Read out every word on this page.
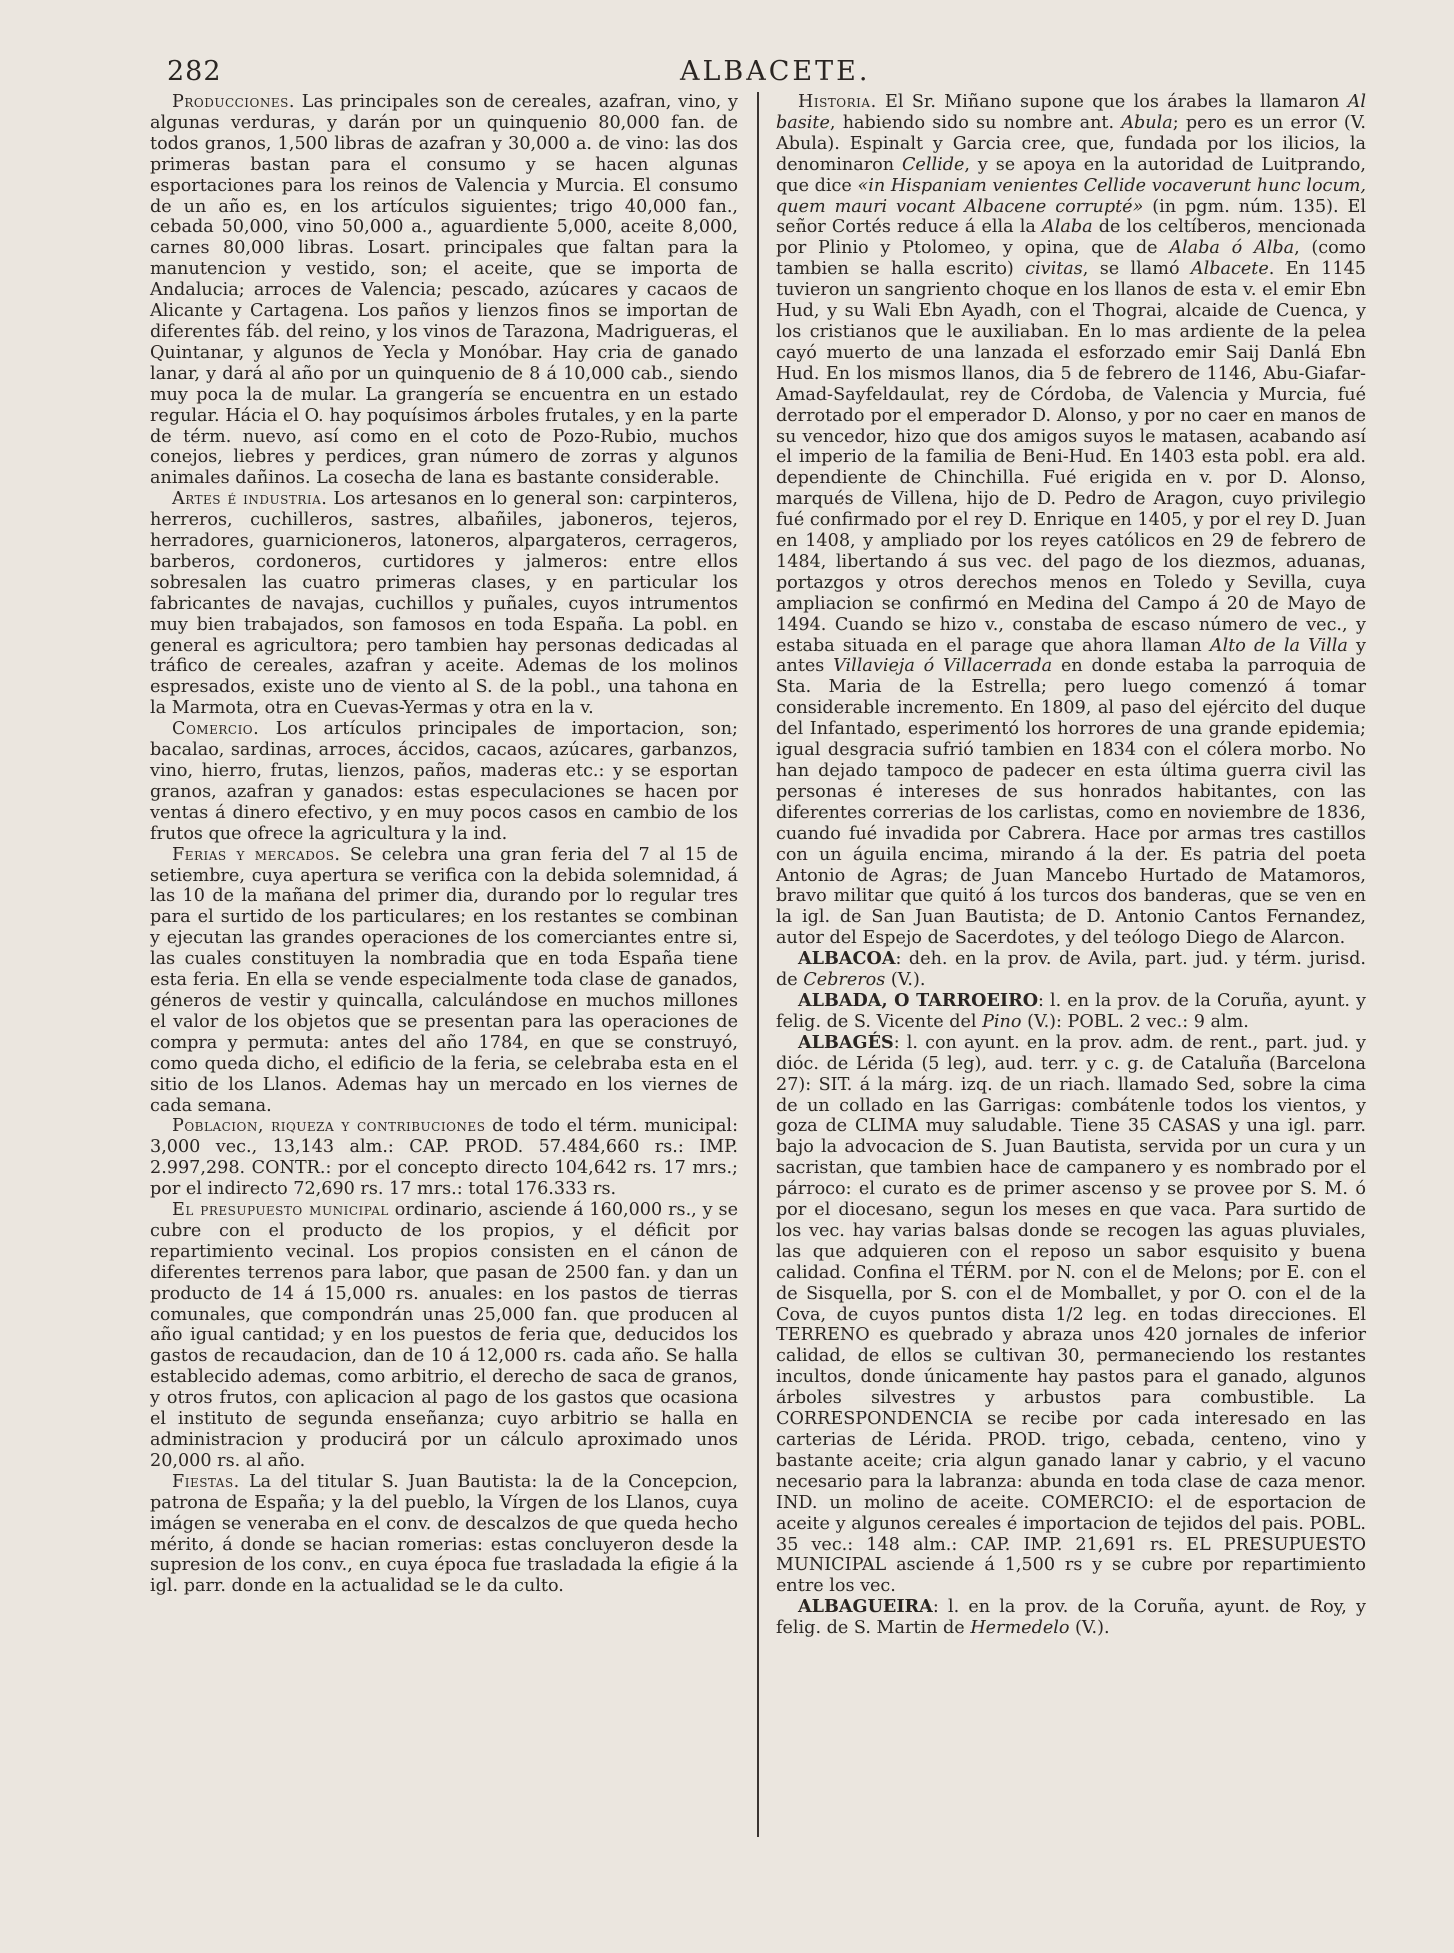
282	ALBACETE.

Producciones. Las principales son de cereales, azafran, vino, y algunas verduras, y darán por un quinquenio 80,000 fan. de todos granos, 1,500 libras de azafran y 30,000 a. de vino: las dos primeras bastan para el consumo y se hacen algunas esportaciones para los reinos de Valencia y Murcia. El consumo de un año es, en los artículos siguientes; trigo 40,000 fan., cebada 50,000, vino 50,000 a., aguardiente 5,000, aceite 8,000, carnes 80,000 libras. Losart. principales que faltan para la manutencion y vestido, son; el aceite, que se importa de Andalucia; arroces de Valencia; pescado, azúcares y cacaos de Alicante y Cartagena. Los paños y lienzos finos se importan de diferentes fáb. del reino, y los vinos de Tarazona, Madrigueras, el Quintanar, y algunos de Yecla y Monóbar. Hay cria de ganado lanar, y dará al año por un quinquenio de 8 á 10,000 cab., siendo muy poca la de mular. La grangería se encuentra en un estado regular. Hácia el O. hay poquísimos árboles frutales, y en la parte de térm. nuevo, así como en el coto de Pozo-Rubio, muchos conejos, liebres y perdices, gran número de zorras y algunos animales dañinos. La cosecha de lana es bastante considerable.

Artes é industria. Los artesanos en lo general son: carpinteros, herreros, cuchilleros, sastres, albañiles, jaboneros, tejeros, herradores, guarnicioneros, latoneros, alpargateros, cerrageros, barberos, cordoneros, curtidores y jalmeros: entre ellos sobresalen las cuatro primeras clases, y en particular los fabricantes de navajas, cuchillos y puñales, cuyos intrumentos muy bien trabajados, son famosos en toda España. La pobl. en general es agricultora; pero tambien hay personas dedicadas al tráfico de cereales, azafran y aceite. Ademas de los molinos espresados, existe uno de viento al S. de la pobl., una tahona en la Marmota, otra en Cuevas-Yermas y otra en la v.

Comercio. Los artículos principales de importacion, son; bacalao, sardinas, arroces, áccidos, cacaos, azúcares, garbanzos, vino, hierro, frutas, lienzos, paños, maderas etc.: y se esportan granos, azafran y ganados: estas especulaciones se hacen por ventas á dinero efectivo, y en muy pocos casos en cambio de los frutos que ofrece la agricultura y la ind.

Ferias y mercados. Se celebra una gran feria del 7 al 15 de setiembre, cuya apertura se verifica con la debida solemnidad, á las 10 de la mañana del primer dia, durando por lo regular tres para el surtido de los particulares; en los restantes se combinan y ejecutan las grandes operaciones de los comerciantes entre si, las cuales constituyen la nombradia que en toda España tiene esta feria. En ella se vende especialmente toda clase de ganados, géneros de vestir y quincalla, calculándose en muchos millones el valor de los objetos que se presentan para las operaciones de compra y permuta: antes del año 1784, en que se construyó, como queda dicho, el edificio de la feria, se celebraba esta en el sitio de los Llanos. Ademas hay un mercado en los viernes de cada semana.

Poblacion, riqueza y contribuciones de todo el térm. municipal: 3,000 vec., 13,143 alm.: CAP. PROD. 57.484,660 rs.: IMP. 2.997,298. CONTR.: por el concepto directo 104,642 rs. 17 mrs.; por el indirecto 72,690 rs. 17 mrs.: total 176.333 rs.

El presupuesto municipal ordinario, asciende á 160,000 rs., y se cubre con el producto de los propios, y el déficit por repartimiento vecinal. Los propios consisten en el cánon de diferentes terrenos para labor, que pasan de 2500 fan. y dan un producto de 14 á 15,000 rs. anuales: en los pastos de tierras comunales, que compondrán unas 25,000 fan. que producen al año igual cantidad; y en los puestos de feria que, deducidos los gastos de recaudacion, dan de 10 á 12,000 rs. cada año. Se halla establecido ademas, como arbitrio, el derecho de saca de granos, y otros frutos, con aplicacion al pago de los gastos que ocasiona el instituto de segunda enseñanza; cuyo arbitrio se halla en administracion y producirá por un cálculo aproximado unos 20,000 rs. al año.

Fiestas. La del titular S. Juan Bautista: la de la Concepcion, patrona de España; y la del pueblo, la Vírgen de los Llanos, cuya imágen se veneraba en el conv. de descalzos de que queda hecho mérito, á donde se hacian romerias: estas concluyeron desde la supresion de los conv., en cuya época fue trasladada la efigie á la igl. parr. donde en la actualidad se le da culto.

Historia. El Sr. Miñano supone que los árabes la llamaron Al basite, habiendo sido su nombre ant. Abula; pero es un error (V. Abula). Espinalt y Garcia cree, que, fundada por los ilicios, la denominaron Cellide, y se apoya en la autoridad de Luitprando, que dice «in Hispaniam venientes Cellide vocaverunt hunc locum, quem mauri vocant Albacene corrupté» (in pgm. núm. 135). El señor Cortés reduce á ella la Alaba de los celtíberos, mencionada por Plinio y Ptolomeo, y opina, que de Alaba ó Alba, (como tambien se halla escrito) civitas, se llamó Albacete. En 1145 tuvieron un sangriento choque en los llanos de esta v. el emir Ebn Hud, y su Wali Ebn Ayadh, con el Thograi, alcaide de Cuenca, y los cristianos que le auxiliaban. En lo mas ardiente de la pelea cayó muerto de una lanzada el esforzado emir Saij Danlá Ebn Hud. En los mismos llanos, dia 5 de febrero de 1146, Abu-Giafar-Amad-Sayfeldaulat, rey de Córdoba, de Valencia y Murcia, fué derrotado por el emperador D. Alonso, y por no caer en manos de su vencedor, hizo que dos amigos suyos le matasen, acabando así el imperio de la familia de Beni-Hud. En 1403 esta pobl. era ald. dependiente de Chinchilla. Fué erigida en v. por D. Alonso, marqués de Villena, hijo de D. Pedro de Aragon, cuyo privilegio fué confirmado por el rey D. Enrique en 1405, y por el rey D. Juan en 1408, y ampliado por los reyes católicos en 29 de febrero de 1484, libertando á sus vec. del pago de los diezmos, aduanas, portazgos y otros derechos menos en Toledo y Sevilla, cuya ampliacion se confirmó en Medina del Campo á 20 de Mayo de 1494. Cuando se hizo v., constaba de escaso número de vec., y estaba situada en el parage que ahora llaman Alto de la Villa y antes Villavieja ó Villacerrada en donde estaba la parroquia de Sta. Maria de la Estrella; pero luego comenzó á tomar considerable incremento. En 1809, al paso del ejército del duque del Infantado, esperimentó los horrores de una grande epidemia; igual desgracia sufrió tambien en 1834 con el cólera morbo. No han dejado tampoco de padecer en esta última guerra civil las personas é intereses de sus honrados habitantes, con las diferentes correrias de los carlistas, como en noviembre de 1836, cuando fué invadida por Cabrera. Hace por armas tres castillos con un águila encima, mirando á la der. Es patria del poeta Antonio de Agras; de Juan Mancebo Hurtado de Matamoros, bravo militar que quitó á los turcos dos banderas, que se ven en la igl. de San Juan Bautista; de D. Antonio Cantos Fernandez, autor del Espejo de Sacerdotes, y del teólogo Diego de Alarcon.

ALBACOA: deh. en la prov. de Avila, part. jud. y térm. jurisd. de Cebreros (V.).

ALBADA, O TARROEIRO: l. en la prov. de la Coruña, ayunt. y felig. de S. Vicente del Pino (V.): POBL. 2 vec.: 9 alm.

ALBAGÉS: l. con ayunt. en la prov. adm. de rent., part. jud. y dióc. de Lérida (5 leg), aud. terr. y c. g. de Cataluña (Barcelona 27): SIT. á la márg. izq. de un riach. llamado Sed, sobre la cima de un collado en las Garrigas: combátenle todos los vientos, y goza de CLIMA muy saludable. Tiene 35 CASAS y una igl. parr. bajo la advocacion de S. Juan Bautista, servida por un cura y un sacristan, que tambien hace de campanero y es nombrado por el párroco: el curato es de primer ascenso y se provee por S. M. ó por el diocesano, segun los meses en que vaca. Para surtido de los vec. hay varias balsas donde se recogen las aguas pluviales, las que adquieren con el reposo un sabor esquisito y buena calidad. Confina el TÉRM. por N. con el de Melons; por E. con el de Sisquella, por S. con el de Momballet, y por O. con el de la Cova, de cuyos puntos dista 1/2 leg. en todas direcciones. El TERRENO es quebrado y abraza unos 420 jornales de inferior calidad, de ellos se cultivan 30, permaneciendo los restantes incultos, donde únicamente hay pastos para el ganado, algunos árboles silvestres y arbustos para combustible. La CORRESPONDENCIA se recibe por cada interesado en las carterias de Lérida. PROD. trigo, cebada, centeno, vino y bastante aceite; cria algun ganado lanar y cabrio, y el vacuno necesario para la labranza: abunda en toda clase de caza menor. IND. un molino de aceite. COMERCIO: el de esportacion de aceite y algunos cereales é importacion de tejidos del pais. POBL. 35 vec.: 148 alm.: CAP. IMP. 21,691 rs. EL PRESUPUESTO MUNICIPAL asciende á 1,500 rs y se cubre por repartimiento entre los vec.

ALBAGUEIRA: l. en la prov. de la Coruña, ayunt. de Roy, y felig. de S. Martin de Hermedelo (V.).
